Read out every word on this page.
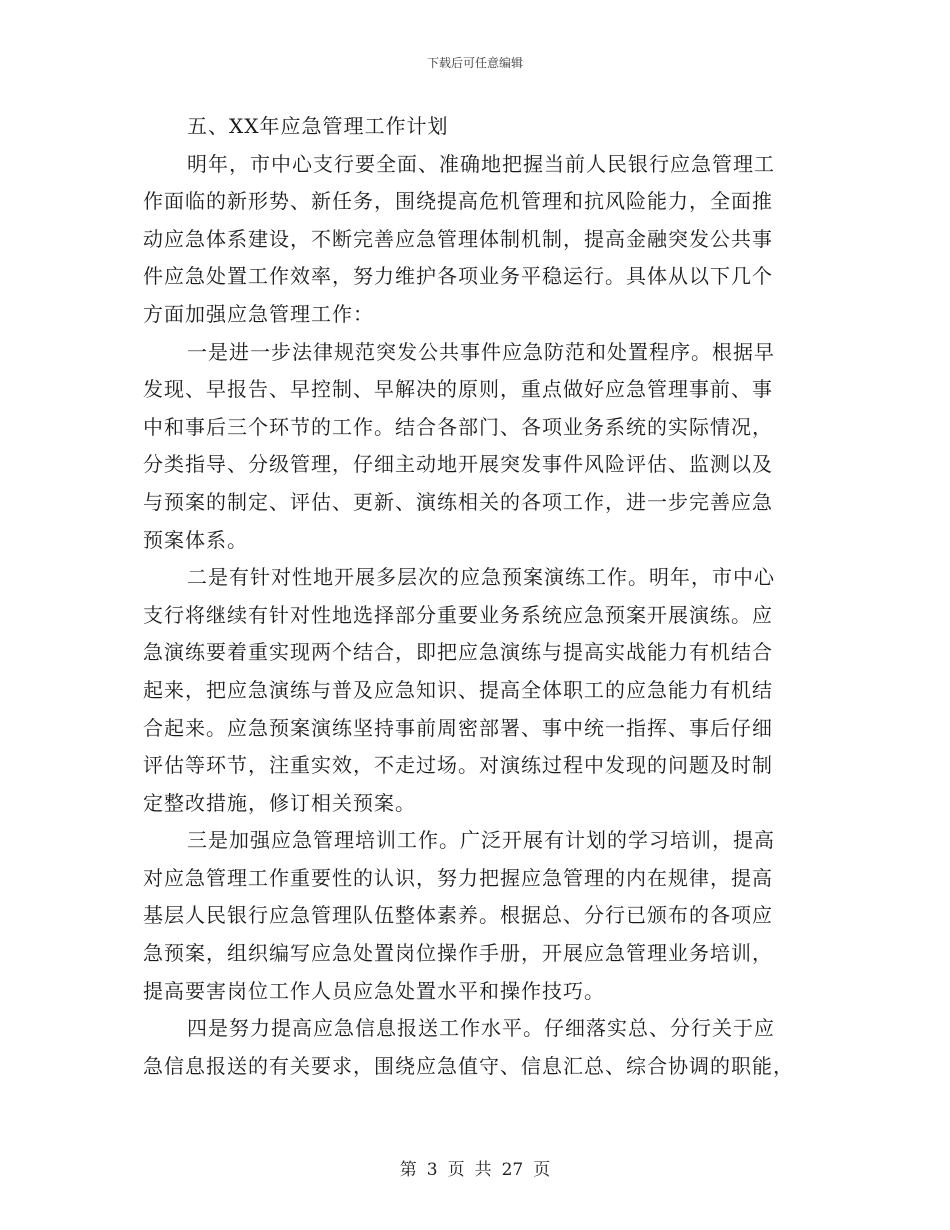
下载后可任意编辑
五、XX年应急管理工作计划
明年，市中心支行要全面、准确地把握当前人民银行应急管理工
作面临的新形势、新任务，围绕提高危机管理和抗风险能力，全面推
动应急体系建设，不断完善应急管理体制机制，提高金融突发公共事
件应急处置工作效率，努力维护各项业务平稳运行。具体从以下几个
方面加强应急管理工作：
一是进一步法律规范突发公共事件应急防范和处置程序。根据早
发现、早报告、早控制、早解决的原则，重点做好应急管理事前、事
中和事后三个环节的工作。结合各部门、各项业务系统的实际情况，
分类指导、分级管理，仔细主动地开展突发事件风险评估、监测以及
与预案的制定、评估、更新、演练相关的各项工作，进一步完善应急
预案体系。
二是有针对性地开展多层次的应急预案演练工作。明年，市中心
支行将继续有针对性地选择部分重要业务系统应急预案开展演练。应
急演练要着重实现两个结合，即把应急演练与提高实战能力有机结合
起来，把应急演练与普及应急知识、提高全体职工的应急能力有机结
合起来。应急预案演练坚持事前周密部署、事中统一指挥、事后仔细
评估等环节，注重实效，不走过场。对演练过程中发现的问题及时制
定整改措施，修订相关预案。
三是加强应急管理培训工作。广泛开展有计划的学习培训，提高
对应急管理工作重要性的认识，努力把握应急管理的内在规律，提高
基层人民银行应急管理队伍整体素养。根据总、分行已颁布的各项应
急预案，组织编写应急处置岗位操作手册，开展应急管理业务培训，
提高要害岗位工作人员应急处置水平和操作技巧。
四是努力提高应急信息报送工作水平。仔细落实总、分行关于应
急信息报送的有关要求，围绕应急值守、信息汇总、综合协调的职能，
第 3 页 共 27 页
